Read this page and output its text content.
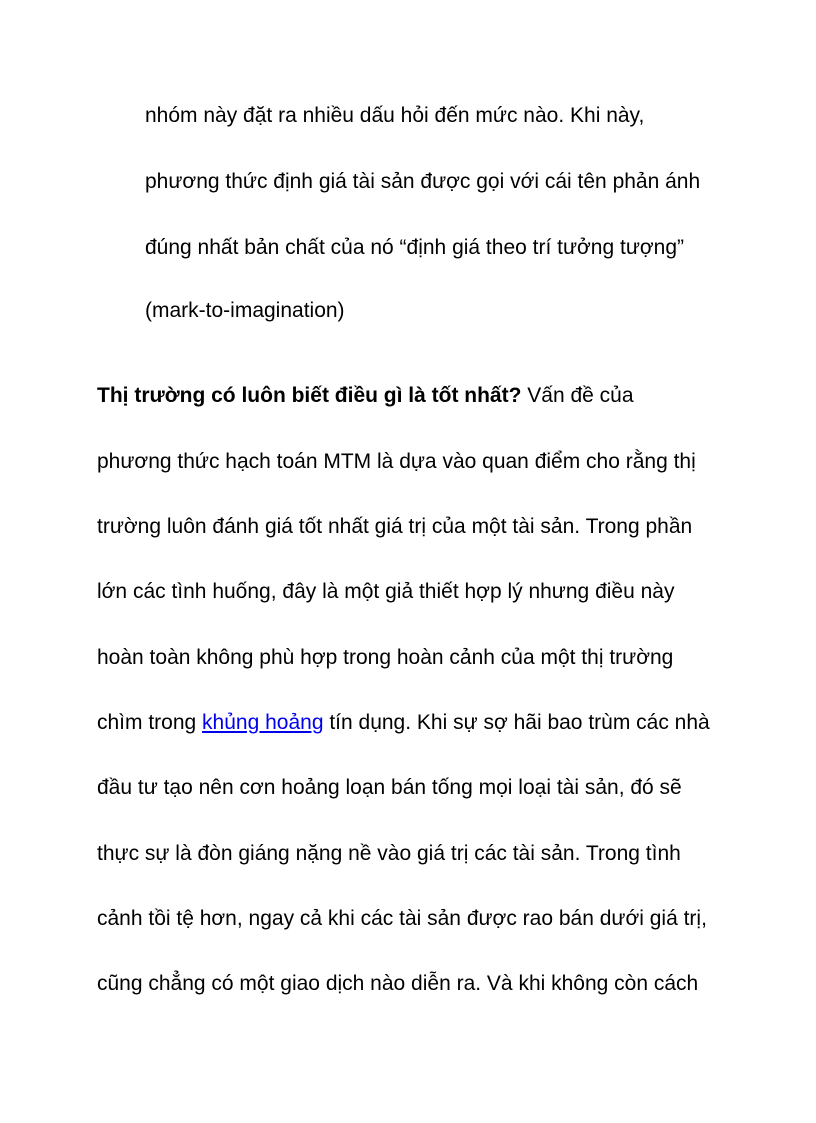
nhóm này đặt ra nhiều dấu hỏi đến mức nào. Khi này,

phương thức định giá tài sản được gọi với cái tên phản ánh

đúng nhất bản chất của nó “định giá theo trí tưởng tượng”

(mark-to-imagination)

Thị trường có luôn biết điều gì là tốt nhất? Vấn đề của

phương thức hạch toán MTM là dựa vào quan điểm cho rằng thị

trường luôn đánh giá tốt nhất giá trị của một tài sản. Trong phần

lớn các tình huống, đây là một giả thiết hợp lý nhưng điều này

hoàn toàn không phù hợp trong hoàn cảnh của một thị trường

chìm trong khủng hoảng tín dụng. Khi sự sợ hãi bao trùm các nhà

đầu tư tạo nên cơn hoảng loạn bán tống mọi loại tài sản, đó sẽ

thực sự là đòn giáng nặng nề vào giá trị các tài sản. Trong tình

cảnh tồi tệ hơn, ngay cả khi các tài sản được rao bán dưới giá trị,

cũng chẳng có một giao dịch nào diễn ra. Và khi không còn cách
